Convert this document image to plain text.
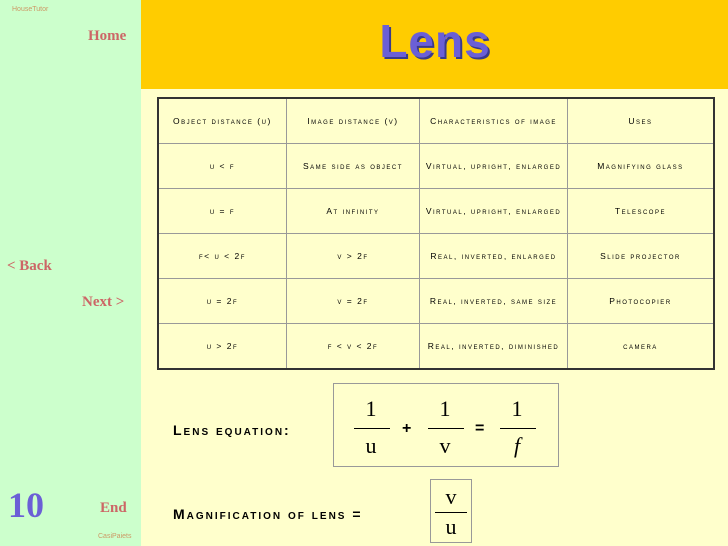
HouseTutor
Home
< Back
Next >
10	End
CasiPaiets
Lens
Object distance (u)	Image distance (v)	Characteristics of image	Uses
u < f	Same side as object	Virtual, upright, enlarged	Magnifying glass
u = f	At infinity	Virtual, upright, enlarged	Telescope
f< u < 2f	v > 2f	Real, inverted, enlarged	Slide projector
u = 2f	v = 2f	Real, inverted, same size	Photocopier
u > 2f	f < v < 2f	Real, inverted, diminished	camera
Lens equation:
1
u
+
1
v
=
1
f
Magnification of lens =
v
u
